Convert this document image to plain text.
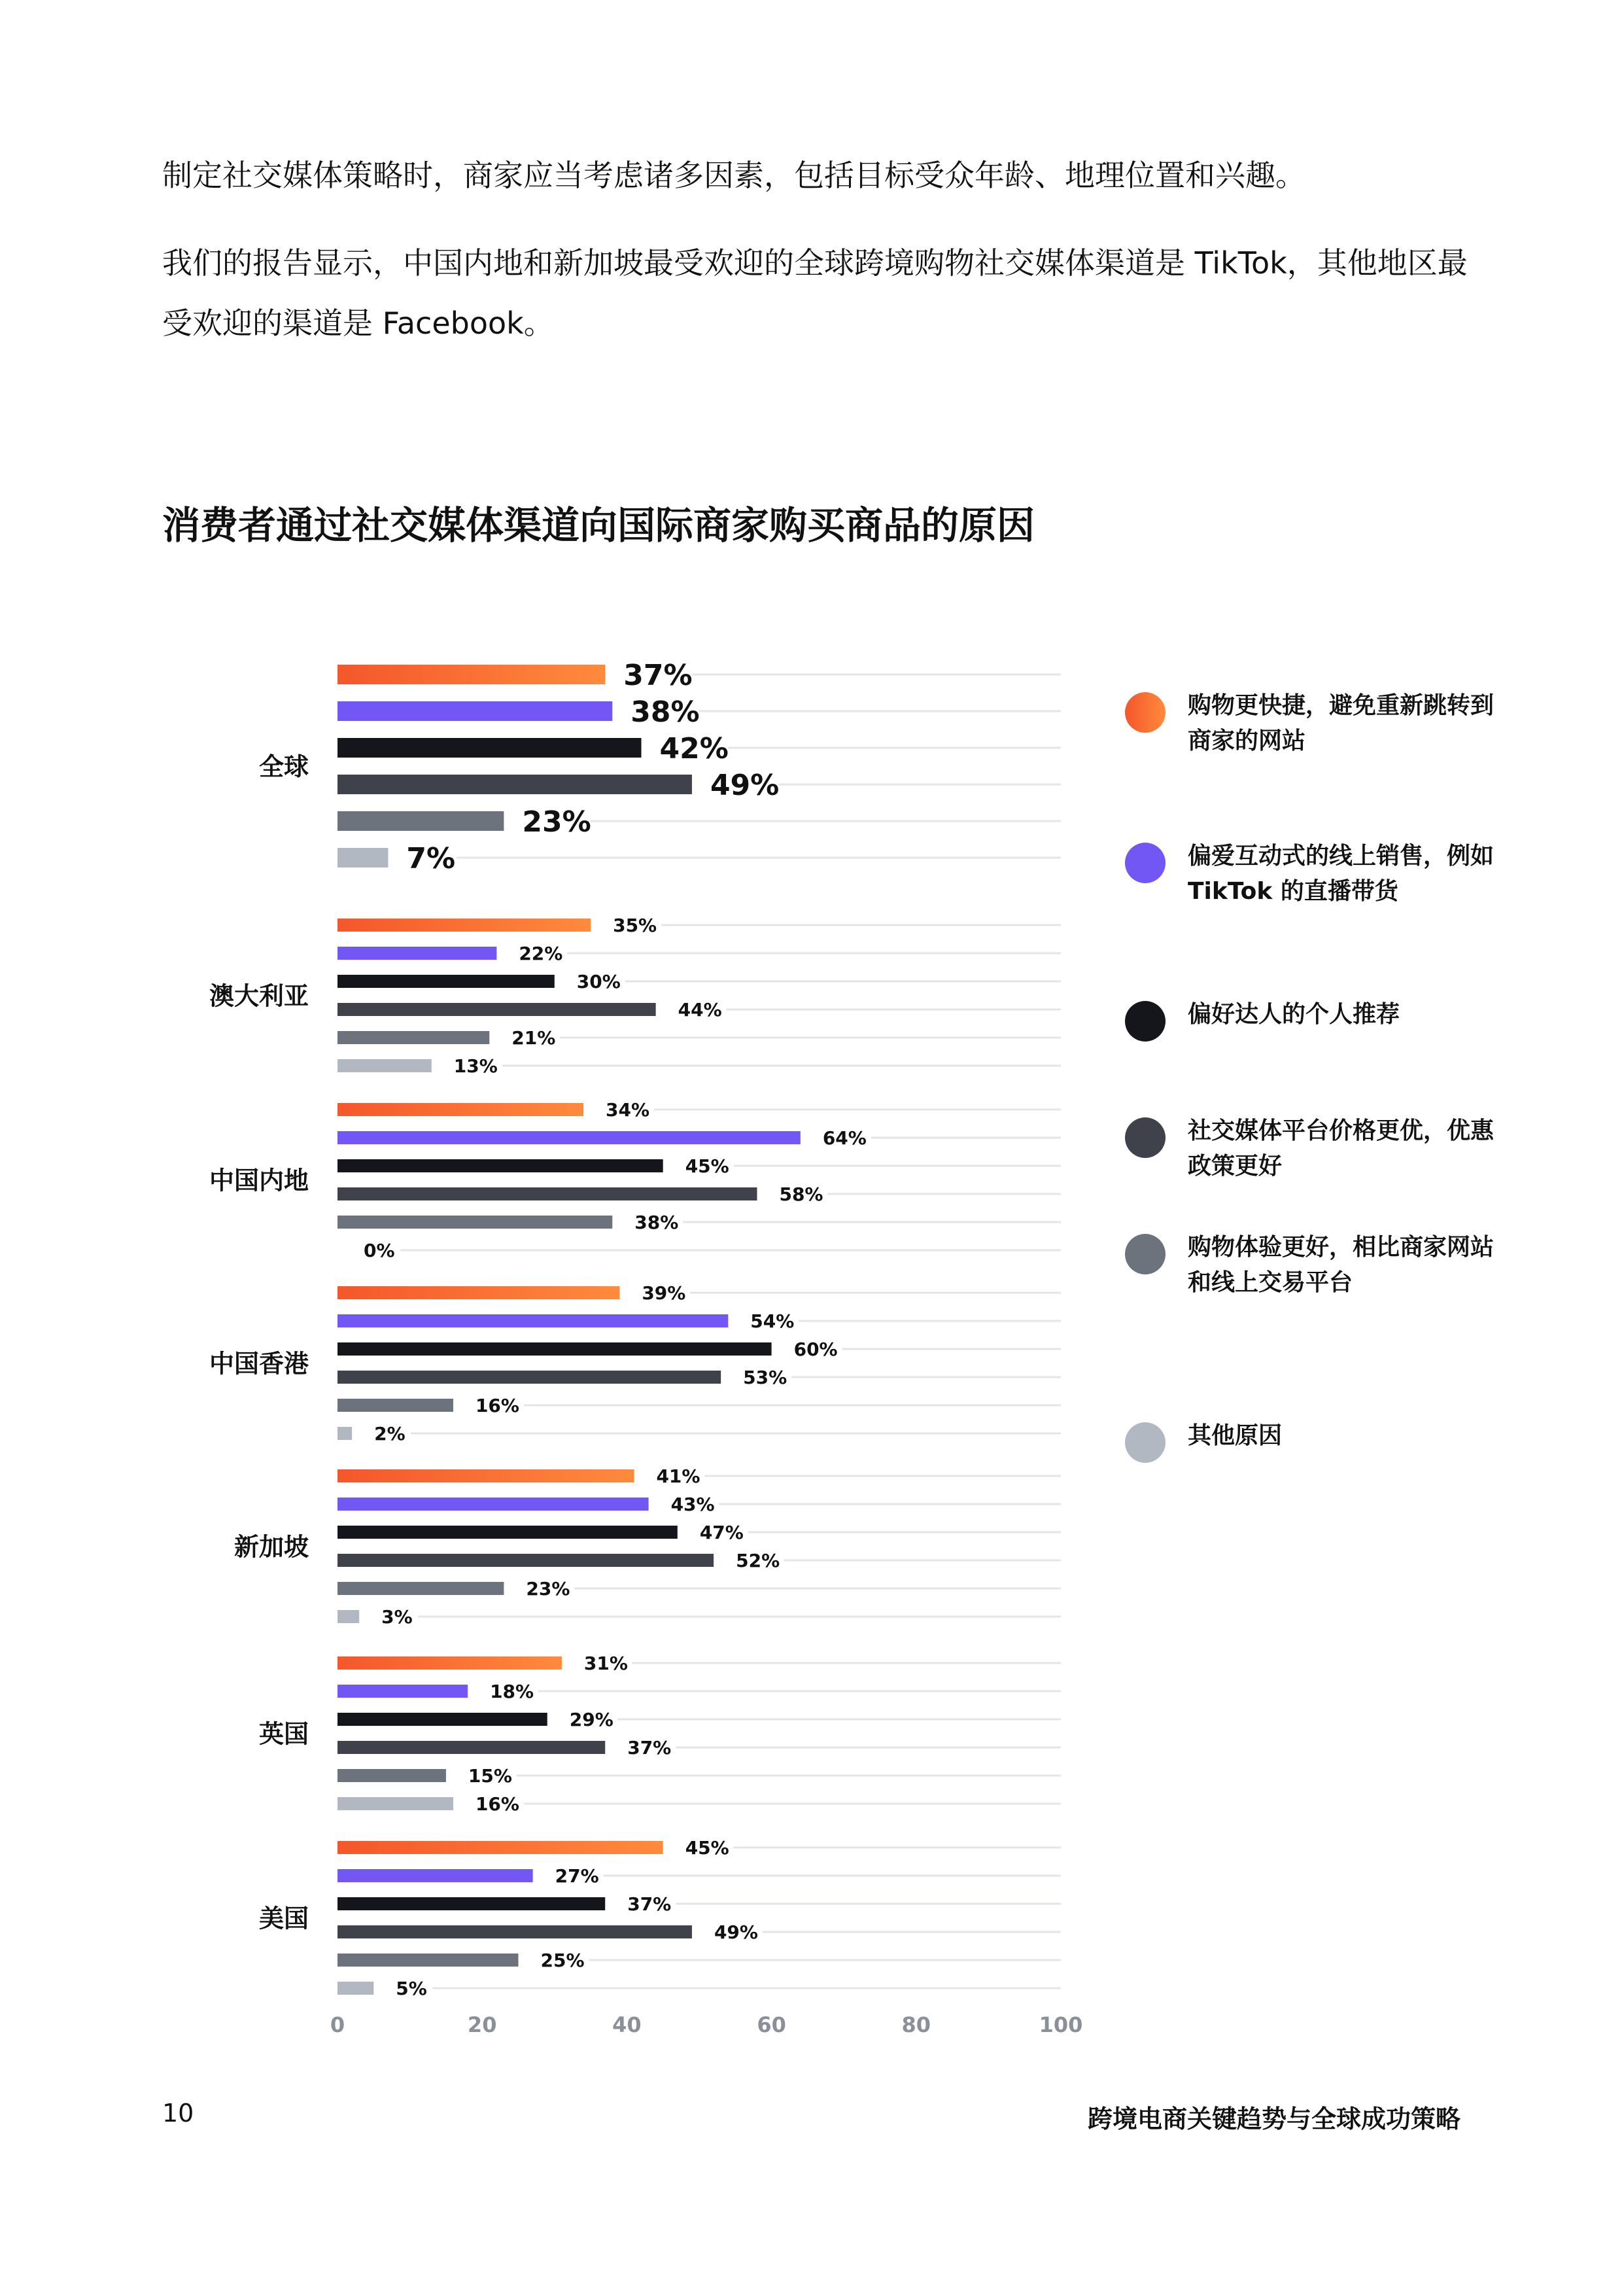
制定社交媒体策略时，商家应当考虑诸多因素，包括目标受众年龄、地理位置和兴趣。

我们的报告显示，中国内地和新加坡最受欢迎的全球跨境购物社交媒体渠道是 TikTok，其他地区最受欢迎的渠道是 Facebook。

消费者通过社交媒体渠道向国际商家购买商品的原因
全球
37%
38%
42%
49%
23%
7%
澳大利亚
35%
22%
30%
44%
21%
13%
中国内地
34%
64%
45%
58%
38%
0%
中国香港
39%
54%
60%
53%
16%
2%
新加坡
41%
43%
47%
52%
23%
3%
英国
31%
18%
29%
37%
15%
16%
美国
45%
27%
37%
49%
25%
5%
0	20	40	60	80	100
购物更快捷，避免重新跳转到商家的网站
偏爱互动式的线上销售，例如 TikTok 的直播带货
偏好达人的个人推荐
社交媒体平台价格更优，优惠政策更好
购物体验更好，相比商家网站和线上交易平台
其他原因
10	跨境电商关键趋势与全球成功策略
